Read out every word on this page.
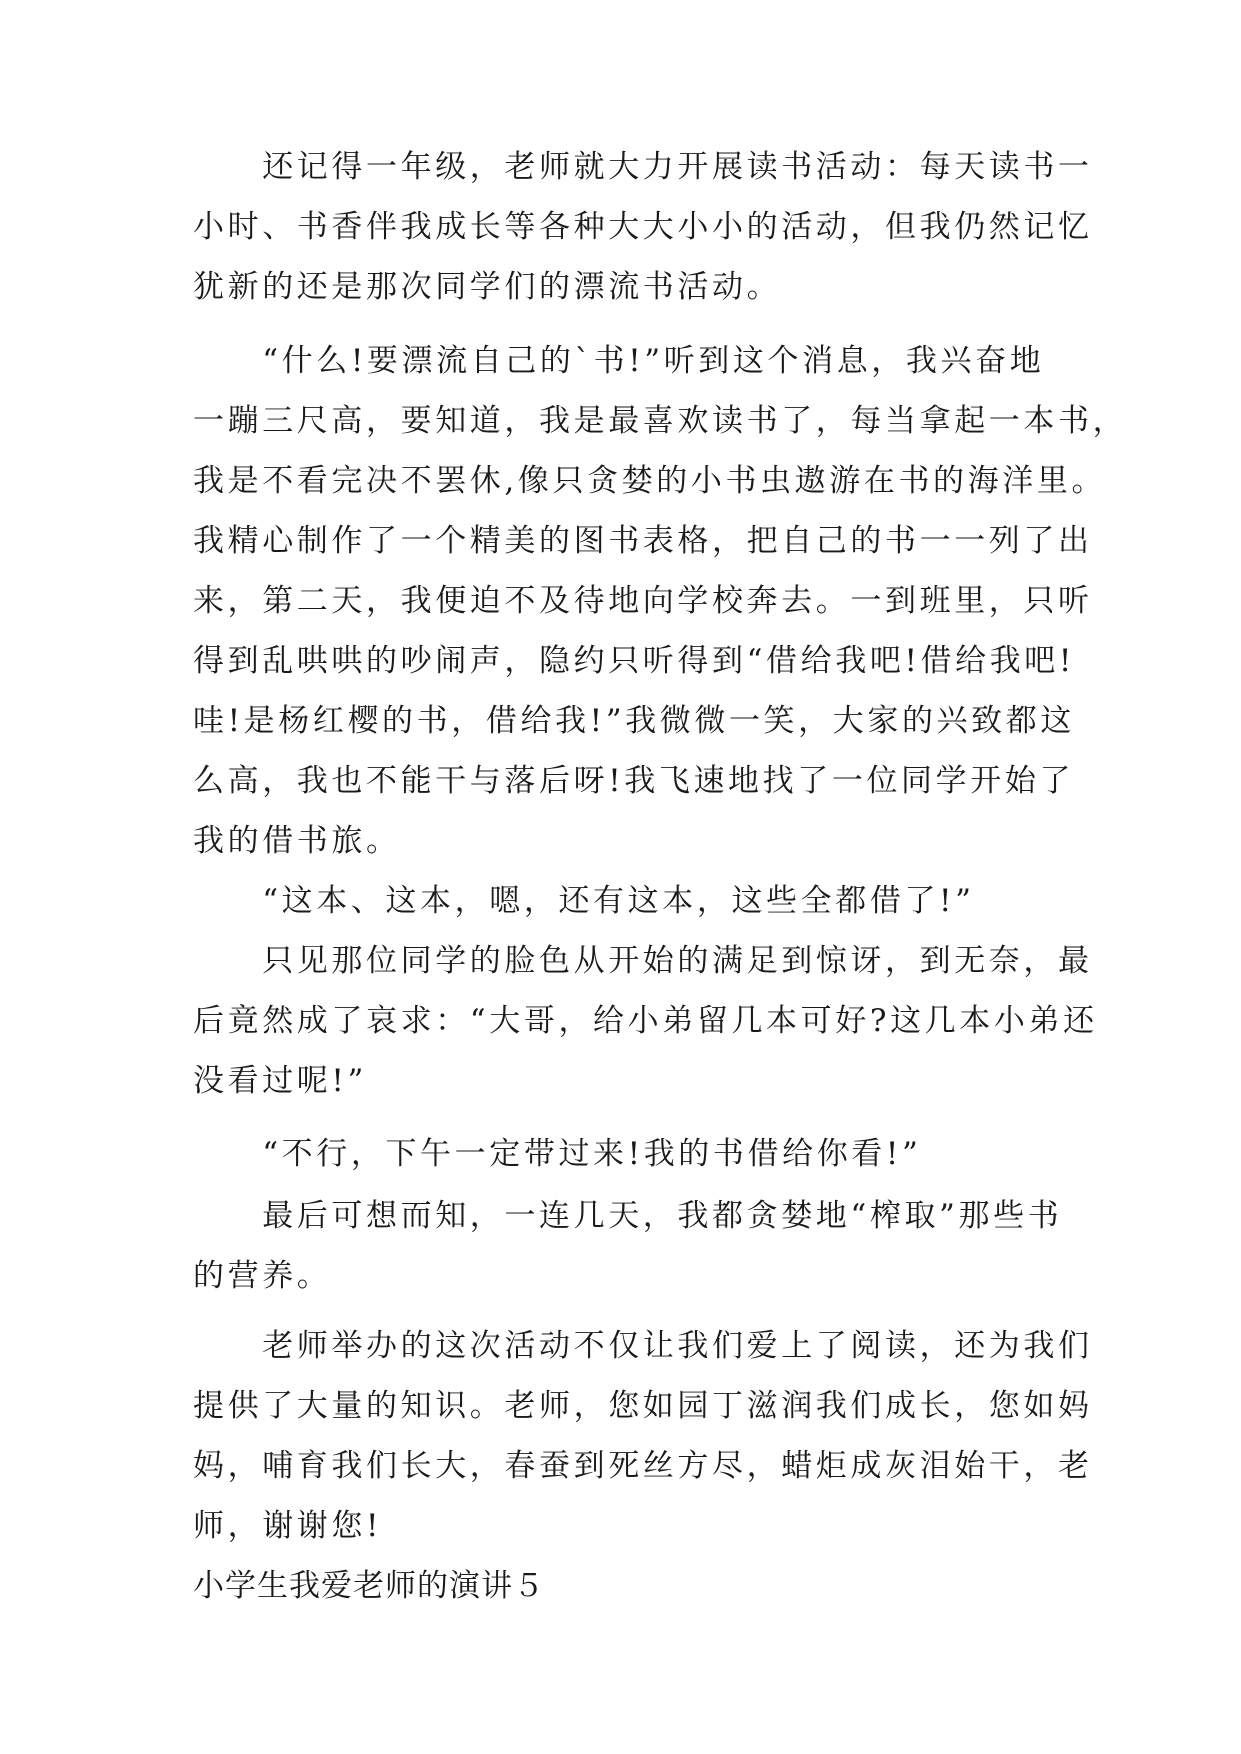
　　还记得一年级，老师就大力开展读书活动：每天读书一
小时、书香伴我成长等各种大大小小的活动，但我仍然记忆
犹新的还是那次同学们的漂流书活动。
　　“什么!要漂流自己的`书!”听到这个消息，我兴奋地
一蹦三尺高，要知道，我是最喜欢读书了，每当拿起一本书，
我是不看完决不罢休,像只贪婪的小书虫遨游在书的海洋里。
我精心制作了一个精美的图书表格，把自己的书一一列了出
来，第二天，我便迫不及待地向学校奔去。一到班里，只听
得到乱哄哄的吵闹声，隐约只听得到“借给我吧!借给我吧!
哇!是杨红樱的书，借给我!”我微微一笑，大家的兴致都这
么高，我也不能干与落后呀!我飞速地找了一位同学开始了
我的借书旅。
　　“这本、这本，嗯，还有这本，这些全都借了!”
　　只见那位同学的脸色从开始的满足到惊讶，到无奈，最
后竟然成了哀求：“大哥，给小弟留几本可好?这几本小弟还
没看过呢!”
　　“不行，下午一定带过来!我的书借给你看!”
　　最后可想而知，一连几天，我都贪婪地“榨取”那些书
的营养。
　　老师举办的这次活动不仅让我们爱上了阅读，还为我们
提供了大量的知识。老师，您如园丁滋润我们成长，您如妈
妈，哺育我们长大，春蚕到死丝方尽，蜡炬成灰泪始干，老
师，谢谢您!
小学生我爱老师的演讲５
